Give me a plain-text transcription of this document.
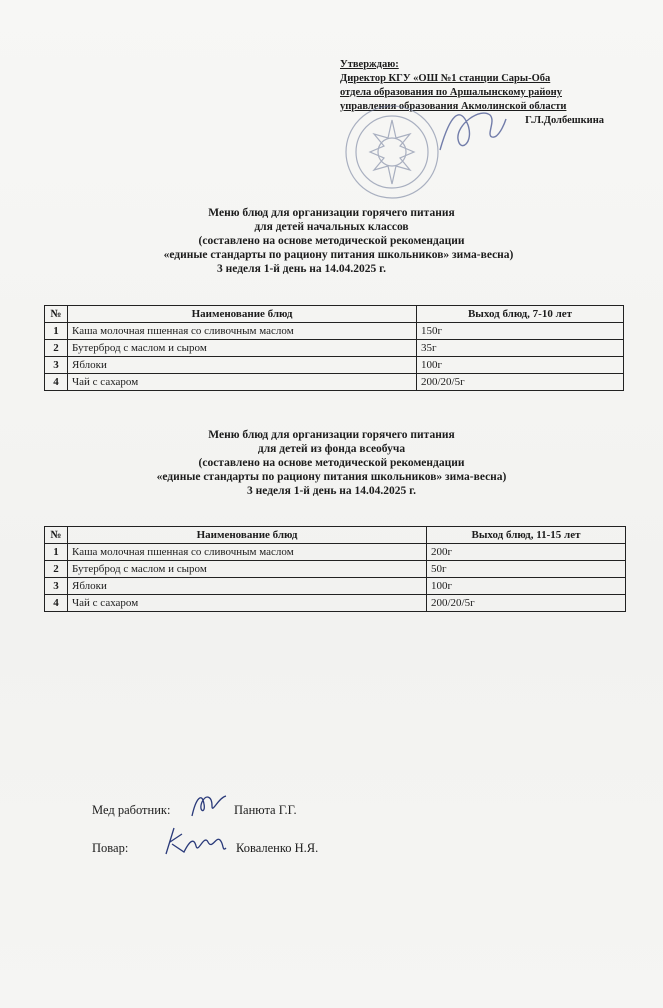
Утверждаю:
Директор КГУ «ОШ №1 станции Сары-Оба
отдела образования по Аршалынскому району
управления образования Акмолинской области
Г.Л.Долбешкина
Меню блюд для организации горячего питания
для детей начальных классов
(составлено на основе методической рекомендации
«единые стандарты по рациону питания школьников» зима-весна)
3 неделя 1-й день на 14.04.2025 г.
№	Наименование блюд	Выход блюд, 7-10 лет
1	Каша молочная пшенная со сливочным маслом	150г
2	Бутерброд с маслом и сыром	35г
3	Яблоки	100г
4	Чай с сахаром	200/20/5г
Меню блюд для организации горячего питания
для детей из фонда всеобуча
(составлено на основе методической рекомендации
«единые стандарты по рациону питания школьников» зима-весна)
3 неделя 1-й день на 14.04.2025 г.
№	Наименование блюд	Выход блюд, 11-15 лет
1	Каша молочная пшенная со сливочным маслом	200г
2	Бутерброд с маслом и сыром	50г
3	Яблоки	100г
4	Чай с сахаром	200/20/5г
Мед работник:	Панюта Г.Г.
Повар:	Коваленко Н.Я.
